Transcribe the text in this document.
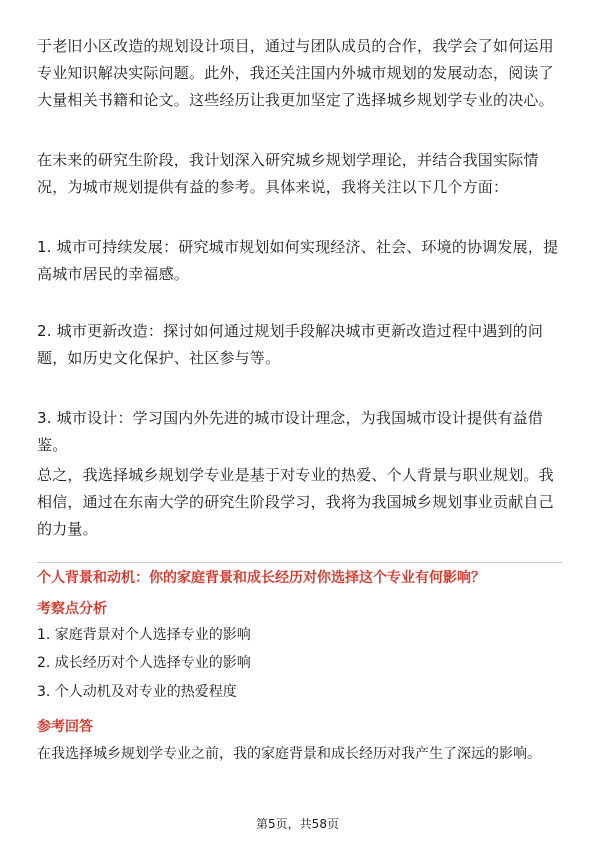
于老旧小区改造的规划设计项目，通过与团队成员的合作，我学会了如何运用专业知识解决实际问题。此外，我还关注国内外城市规划的发展动态，阅读了大量相关书籍和论文。这些经历让我更加坚定了选择城乡规划学专业的决心。

在未来的研究生阶段，我计划深入研究城乡规划学理论，并结合我国实际情况，为城市规划提供有益的参考。具体来说，我将关注以下几个方面：

1. 城市可持续发展：研究城市规划如何实现经济、社会、环境的协调发展，提高城市居民的幸福感。

2. 城市更新改造：探讨如何通过规划手段解决城市更新改造过程中遇到的问题，如历史文化保护、社区参与等。

3. 城市设计：学习国内外先进的城市设计理念，为我国城市设计提供有益借鉴。

总之，我选择城乡规划学专业是基于对专业的热爱、个人背景与职业规划。我相信，通过在东南大学的研究生阶段学习，我将为我国城乡规划事业贡献自己的力量。

个人背景和动机：你的家庭背景和成长经历对你选择这个专业有何影响？

考察点分析

1. 家庭背景对个人选择专业的影响

2. 成长经历对个人选择专业的影响

3. 个人动机及对专业的热爱程度

参考回答

在我选择城乡规划学专业之前，我的家庭背景和成长经历对我产生了深远的影响。

第5页，共58页
